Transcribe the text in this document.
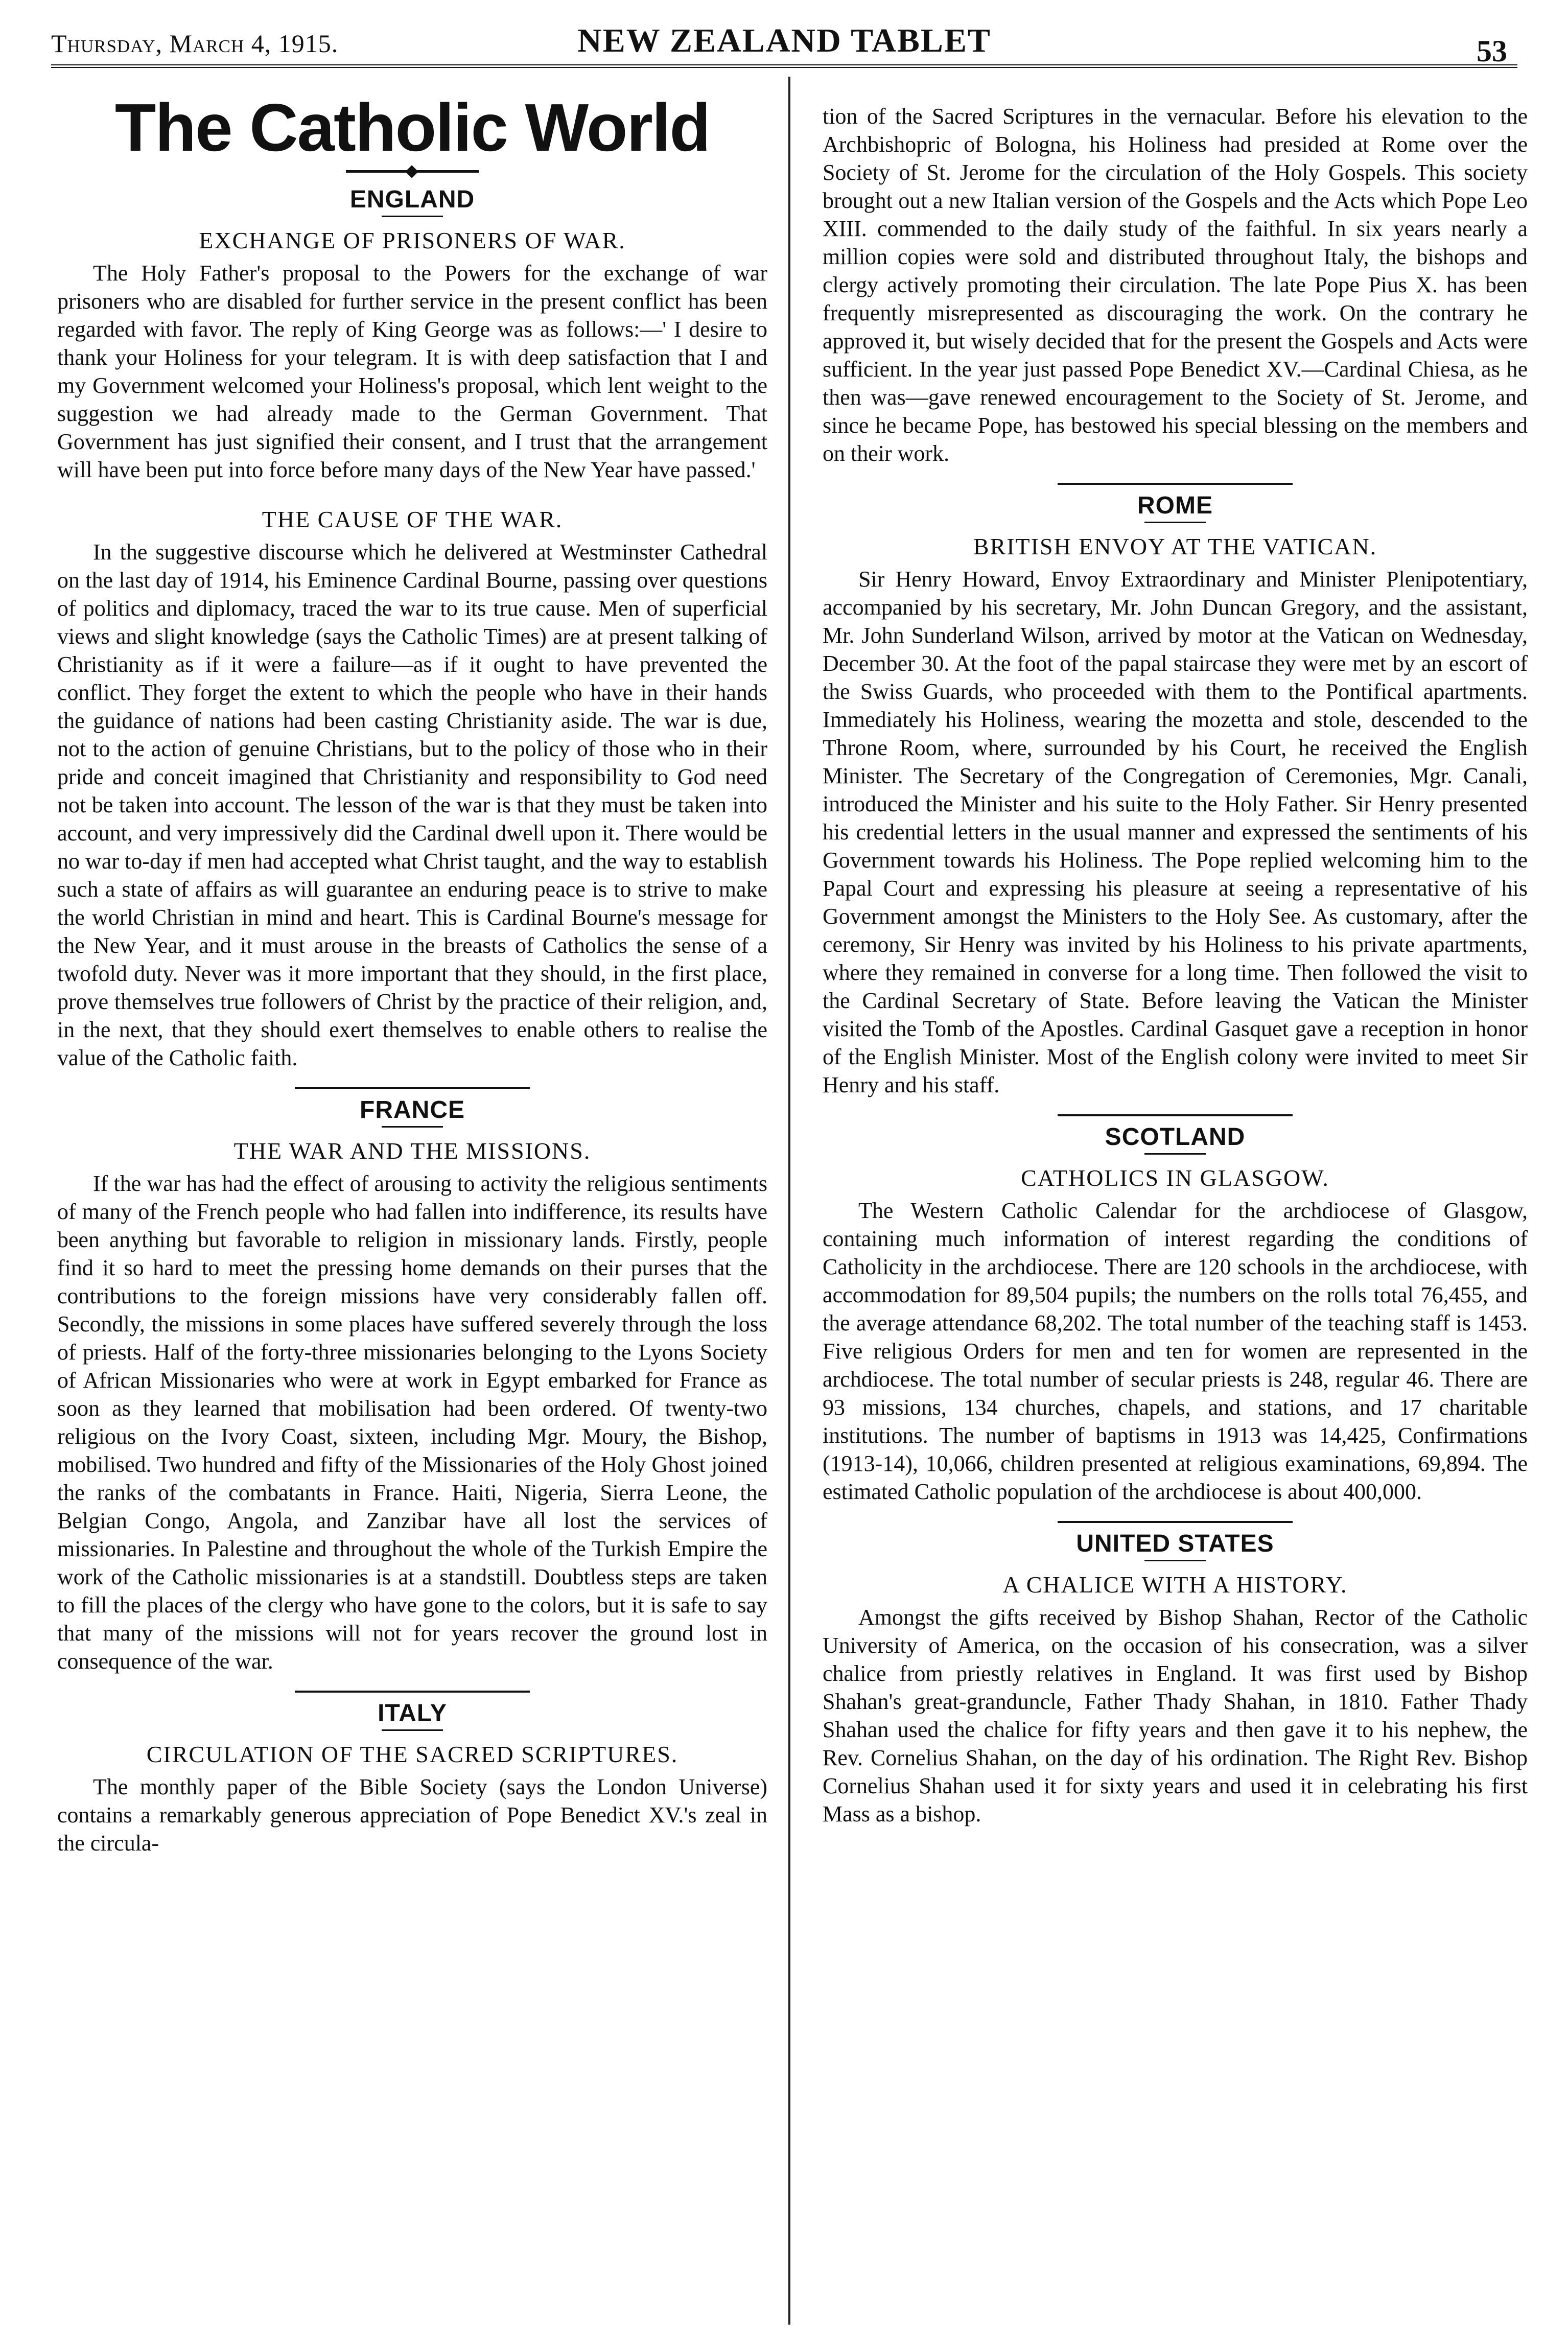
Thursday, March 4, 1915.	NEW ZEALAND TABLET	53
The Catholic World
ENGLAND
EXCHANGE OF PRISONERS OF WAR.

The Holy Father's proposal to the Powers for the exchange of war prisoners who are disabled for further service in the present conflict has been regarded with favor. The reply of King George was as follows:—' I desire to thank your Holiness for your telegram. It is with deep satisfaction that I and my Government welcomed your Holiness's proposal, which lent weight to the suggestion we had already made to the German Government. That Government has just signified their consent, and I trust that the arrangement will have been put into force before many days of the New Year have passed.'

THE CAUSE OF THE WAR.

In the suggestive discourse which he delivered at Westminster Cathedral on the last day of 1914, his Eminence Cardinal Bourne, passing over questions of politics and diplomacy, traced the war to its true cause. Men of superficial views and slight knowledge (says the Catholic Times) are at present talking of Christianity as if it were a failure—as if it ought to have prevented the conflict. They forget the extent to which the people who have in their hands the guidance of nations had been casting Christianity aside. The war is due, not to the action of genuine Christians, but to the policy of those who in their pride and conceit imagined that Christianity and responsibility to God need not be taken into account. The lesson of the war is that they must be taken into account, and very impressively did the Cardinal dwell upon it. There would be no war to-day if men had accepted what Christ taught, and the way to establish such a state of affairs as will guarantee an enduring peace is to strive to make the world Christian in mind and heart. This is Cardinal Bourne's message for the New Year, and it must arouse in the breasts of Catholics the sense of a twofold duty. Never was it more important that they should, in the first place, prove themselves true followers of Christ by the practice of their religion, and, in the next, that they should exert themselves to enable others to realise the value of the Catholic faith.

FRANCE
THE WAR AND THE MISSIONS.

If the war has had the effect of arousing to activity the religious sentiments of many of the French people who had fallen into indifference, its results have been anything but favorable to religion in missionary lands. Firstly, people find it so hard to meet the pressing home demands on their purses that the contributions to the foreign missions have very considerably fallen off. Secondly, the missions in some places have suffered severely through the loss of priests. Half of the forty-three missionaries belonging to the Lyons Society of African Missionaries who were at work in Egypt embarked for France as soon as they learned that mobilisation had been ordered. Of twenty-two religious on the Ivory Coast, sixteen, including Mgr. Moury, the Bishop, mobilised. Two hundred and fifty of the Missionaries of the Holy Ghost joined the ranks of the combatants in France. Haiti, Nigeria, Sierra Leone, the Belgian Congo, Angola, and Zanzibar have all lost the services of missionaries. In Palestine and throughout the whole of the Turkish Empire the work of the Catholic missionaries is at a standstill. Doubtless steps are taken to fill the places of the clergy who have gone to the colors, but it is safe to say that many of the missions will not for years recover the ground lost in consequence of the war.

ITALY
CIRCULATION OF THE SACRED SCRIPTURES.

The monthly paper of the Bible Society (says the London Universe) contains a remarkably generous appreciation of Pope Benedict XV.'s zeal in the circula-

tion of the Sacred Scriptures in the vernacular. Before his elevation to the Archbishopric of Bologna, his Holiness had presided at Rome over the Society of St. Jerome for the circulation of the Holy Gospels. This society brought out a new Italian version of the Gospels and the Acts which Pope Leo XIII. commended to the daily study of the faithful. In six years nearly a million copies were sold and distributed throughout Italy, the bishops and clergy actively promoting their circulation. The late Pope Pius X. has been frequently misrepresented as discouraging the work. On the contrary he approved it, but wisely decided that for the present the Gospels and Acts were sufficient. In the year just passed Pope Benedict XV.—Cardinal Chiesa, as he then was—gave renewed encouragement to the Society of St. Jerome, and since he became Pope, has bestowed his special blessing on the members and on their work.

ROME
BRITISH ENVOY AT THE VATICAN.

Sir Henry Howard, Envoy Extraordinary and Minister Plenipotentiary, accompanied by his secretary, Mr. John Duncan Gregory, and the assistant, Mr. John Sunderland Wilson, arrived by motor at the Vatican on Wednesday, December 30. At the foot of the papal staircase they were met by an escort of the Swiss Guards, who proceeded with them to the Pontifical apartments. Immediately his Holiness, wearing the mozetta and stole, descended to the Throne Room, where, surrounded by his Court, he received the English Minister. The Secretary of the Congregation of Ceremonies, Mgr. Canali, introduced the Minister and his suite to the Holy Father. Sir Henry presented his credential letters in the usual manner and expressed the sentiments of his Government towards his Holiness. The Pope replied welcoming him to the Papal Court and expressing his pleasure at seeing a representative of his Government amongst the Ministers to the Holy See. As customary, after the ceremony, Sir Henry was invited by his Holiness to his private apartments, where they remained in converse for a long time. Then followed the visit to the Cardinal Secretary of State. Before leaving the Vatican the Minister visited the Tomb of the Apostles. Cardinal Gasquet gave a reception in honor of the English Minister. Most of the English colony were invited to meet Sir Henry and his staff.

SCOTLAND
CATHOLICS IN GLASGOW.

The Western Catholic Calendar for the archdiocese of Glasgow, containing much information of interest regarding the conditions of Catholicity in the archdiocese. There are 120 schools in the archdiocese, with accommodation for 89,504 pupils; the numbers on the rolls total 76,455, and the average attendance 68,202. The total number of the teaching staff is 1453. Five religious Orders for men and ten for women are represented in the archdiocese. The total number of secular priests is 248, regular 46. There are 93 missions, 134 churches, chapels, and stations, and 17 charitable institutions. The number of baptisms in 1913 was 14,425, Confirmations (1913-14), 10,066, children presented at religious examinations, 69,894. The estimated Catholic population of the archdiocese is about 400,000.

UNITED STATES
A CHALICE WITH A HISTORY.

Amongst the gifts received by Bishop Shahan, Rector of the Catholic University of America, on the occasion of his consecration, was a silver chalice from priestly relatives in England. It was first used by Bishop Shahan's great-granduncle, Father Thady Shahan, in 1810. Father Thady Shahan used the chalice for fifty years and then gave it to his nephew, the Rev. Cornelius Shahan, on the day of his ordination. The Right Rev. Bishop Cornelius Shahan used it for sixty years and used it in celebrating his first Mass as a bishop.
